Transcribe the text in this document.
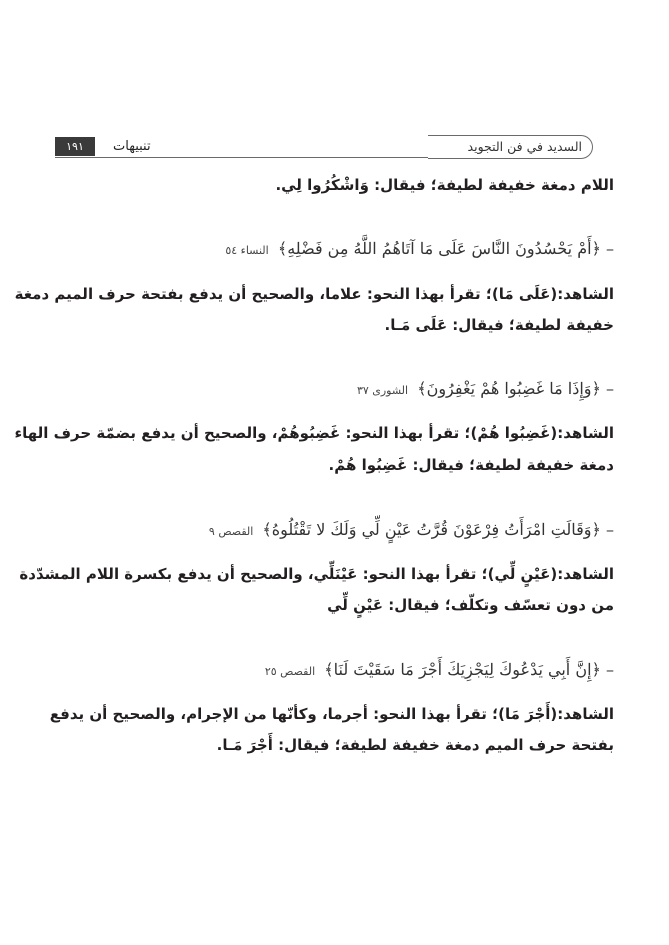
السديد في فن التجويد
تنبيهات
١٩١
اللام دمغة خفيفة لطيفة؛ فيقال: وَاشْكُرُوا لِي.
– ﴿أَمْ يَحْسُدُونَ النَّاسَ عَلَى مَا آتَاهُمُ اللَّهُ مِن فَضْلِهِ﴾ النساء ٥٤
الشاهد:(عَلَى مَا)؛ تقرأ بهذا النحو: علاما، والصحيح أن يدفع بفتحة حرف الميم دمغة
خفيفة لطيفة؛ فيقال: عَلَى مَـا.
– ﴿وَإِذَا مَا غَضِبُوا هُمْ يَغْفِرُونَ﴾ الشورى ٣٧
الشاهد:(غَضِبُوا هُمْ)؛ تقرأ بهذا النحو: غَضِبُوهُمْ، والصحيح أن يدفع بضمّة حرف الهاء
دمغة خفيفة لطيفة؛ فيقال: غَضِبُوا هُمْ.
– ﴿وَقَالَتِ امْرَأَتُ فِرْعَوْنَ قُرَّتُ عَيْنٍ لِّي وَلَكَ لا تَقْتُلُوهُ﴾ القصص ٩
الشاهد:(عَيْنٍ لِّي)؛ تقرأ بهذا النحو: عَيْنَلِّي، والصحيح أن يدفع بكسرة اللام المشدّدة
من دون تعسّف وتكلّف؛ فيقال: عَيْنٍ لِّي
– ﴿إِنَّ أَبِي يَدْعُوكَ لِيَجْزِيَكَ أَجْرَ مَا سَقَيْتَ لَنَا﴾ القصص ٢٥
الشاهد:(أَجْرَ مَا)؛ تقرأ بهذا النحو: أجرما، وكأنّها من الإجرام، والصحيح أن يدفع
بفتحة حرف الميم دمغة خفيفة لطيفة؛ فيقال: أَجْرَ مَـا.
